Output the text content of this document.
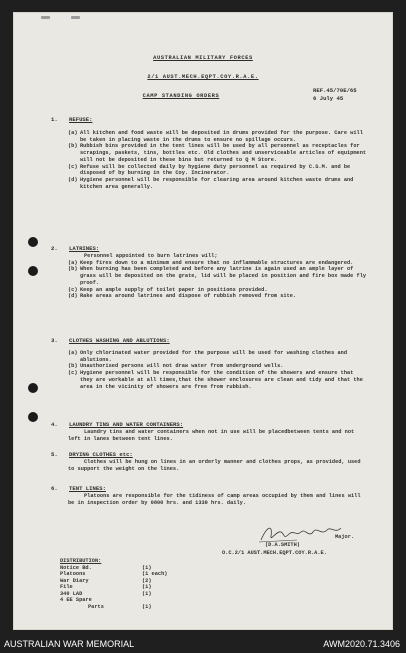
AUSTRALIAN MILITARY FORCES
2/1 AUST.MECH.EQPT.COY.R.A.E.
CAMP STANDING ORDERS
REF.45/70E/65
6 July 45
1. REFUSE:
(a) All kitchen and food waste will be deposited in drums provided for the purpose. Care will be taken in placing waste in the drums to ensure no spillage occurs.
(b) Rubbish bins provided in the tent lines will be used by all personnel as receptacles for scrapings, paskets, tins, bottles etc. Old clothes and unserviceable articles of equipment will not be deposited in these bins but returned to Q M Store.
(c) Refuse will be collected daily by hygiene duty personnel as required by C.S.M. and be disposed of by burning in the Coy. Incinerator.
(d) Hygiene personnel will be responsible for clearing area around kitchen waste drums and kitchen area generally.
2. LATRINES:

Personnel appointed to burn latrines will;

(a) Keep fires down to a minimum and ensure that no inflammable structures are endangered.
(b) When burning has been completed and before any latrine is again used an ample layer of grass will be deposited on the grate, lid will be placed in position and fire box made fly proof.
(c) Keep an ample supply of toilet paper in positions provided.
(d) Rake areas around latrines and dispose of rubbish removed from site.
3. CLOTHES WASHING AND ABLUTIONS:
(a) Only chlorinated water provided for the purpose will be used for washing clothes and ablutions.
(b) Unauthorised persons will not draw water from underground wells.
(c) Hygiene personnel will be responsible for the condition of the showers and ensure that they are workable at all times,that the shower enclosures are clean and tidy and that the area in the vicinity of showers are free from rubbish.
4. LAUNDRY TINS AND WATER CONTAINERS:

Laundry tins and water containers when not in use will be placedbetween tents and not left in lanes between tent lines.

5. DRYING CLOTHES etc:

Clothes will be hung on lines in an orderly manner and clothes props, as provided, used to support the weight on the lines.

6. TENT LINES:

Platoons are responsible for the tidiness of camp areas occupied by them and lines will be in inspection order by 0800 hrs. and 1330 hrs. daily.

Major.
(D.A.SMITH)
O.C.2/1 AUST.MECH.EQPT.COY.R.A.E.
DISTRIBUTION:
Notice Bd.	(1)
Platoons	(1 each)
War Diary	(2)
File	(1)
340 LAD	(1)
4 EE Spare
Parts	(1)
AUSTRALIAN WAR MEMORIAL	AWM2020.71.3406
